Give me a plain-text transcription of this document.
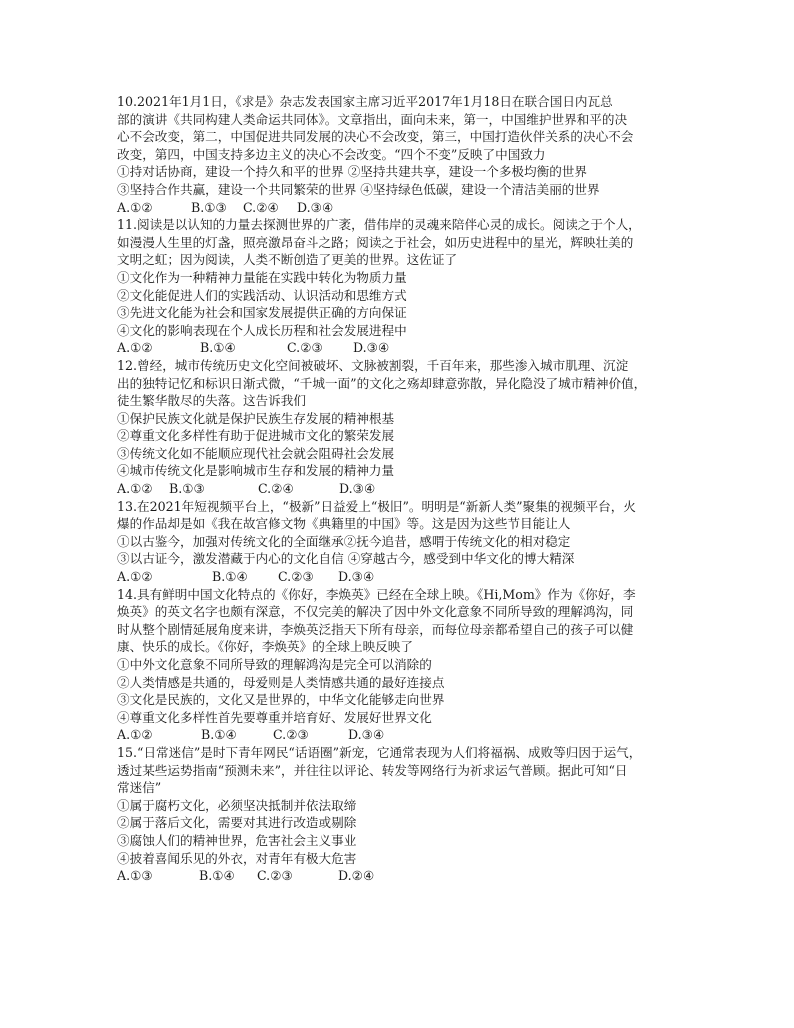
10.2021年1月1日，《求是》杂志发表国家主席习近平2017年1月18日在联合国日内瓦总
部的演讲《共同构建人类命运共同体》。文章指出，面向未来，第一，中国维护世界和平的决
心不会改变，第二，中国促进共同发展的决心不会改变，第三，中国打造伙伴关系的决心不会
改变，第四，中国支持多边主义的决心不会改变。“四个不变”反映了中国致力
①持对话协商，建设一个持久和平的世界 ②坚持共建共享，建设一个多极均衡的世界
③坚持合作共赢，建设一个共同繁荣的世界 ④坚持绿色低碳，建设一个清洁美丽的世界
A.①②	B.①③	C.②④	D.③④
11.阅读是以认知的力量去探测世界的广袤，借伟岸的灵魂来陪伴心灵的成长。阅读之于个人，
如漫漫人生里的灯盏，照亮激昂奋斗之路；阅读之于社会，如历史进程中的星光，辉映壮美的
文明之虹；因为阅读，人类不断创造了更美的世界。这佐证了
①文化作为一种精神力量能在实践中转化为物质力量
②文化能促进人们的实践活动、认识活动和思维方式
③先进文化能为社会和国家发展提供正确的方向保证
④文化的影响表现在个人成长历程和社会发展进程中
A.①②	B.①④	C.②③	D.③④
12.曾经，城市传统历史文化空间被破坏、文脉被割裂，千百年来，那些渗入城市肌理、沉淀
出的独特记忆和标识日渐式微，“千城一面”的文化之殇却肆意弥散，异化隐没了城市精神价值，
徒生繁华散尽的失落。这告诉我们
①保护民族文化就是保护民族生存发展的精神根基
②尊重文化多样性有助于促进城市文化的繁荣发展
③传统文化如不能顺应现代社会就会阻碍社会发展
④城市传统文化是影响城市生存和发展的精神力量
A.①②	B.①③	C.②④	D.③④
13.在2021年短视频平台上，“极新”日益爱上“极旧”。明明是“新新人类”聚集的视频平台，火
爆的作品却是如《我在故宫修文物《典籍里的中国》等。这是因为这些节目能让人
①以古鉴今，加强对传统文化的全面继承②抚今追昔，感喟于传统文化的相对稳定
③以古证今，激发潜藏于内心的文化自信 ④穿越古今，感受到中华文化的博大精深
A.①②	B.①④	C.②③	D.③④
14.具有鲜明中国文化特点的《你好，李焕英》已经在全球上映。《Hi,Mom》作为《你好，李
焕英》的英文名字也颇有深意，不仅完美的解决了因中外文化意象不同所导致的理解鸿沟，同
时从整个剧情延展角度来讲，李焕英泛指天下所有母亲，而每位母亲都希望自己的孩子可以健
康、快乐的成长。《你好，李焕英》的全球上映反映了
①中外文化意象不同所导致的理解鸿沟是完全可以消除的
②人类情感是共通的，母爱则是人类情感共通的最好连接点
③文化是民族的，文化又是世界的，中华文化能够走向世界
④尊重文化多样性首先要尊重并培育好、发展好世界文化
A.①②	B.①④	C.②③	D.③④
15.“日常迷信”是时下青年网民“话语圈”新宠，它通常表现为人们将福祸、成败等归因于运气，
透过某些运势指南“预测未来”，并往往以评论、转发等网络行为祈求运气普顾。据此可知“日
常迷信”
①属于腐朽文化，必须坚决抵制并依法取缔
②属于落后文化，需要对其进行改造或剔除
③腐蚀人们的精神世界，危害社会主义事业
④披着喜闻乐见的外衣，对青年有极大危害
A.①③	B.①④	C.②③	D.②④
